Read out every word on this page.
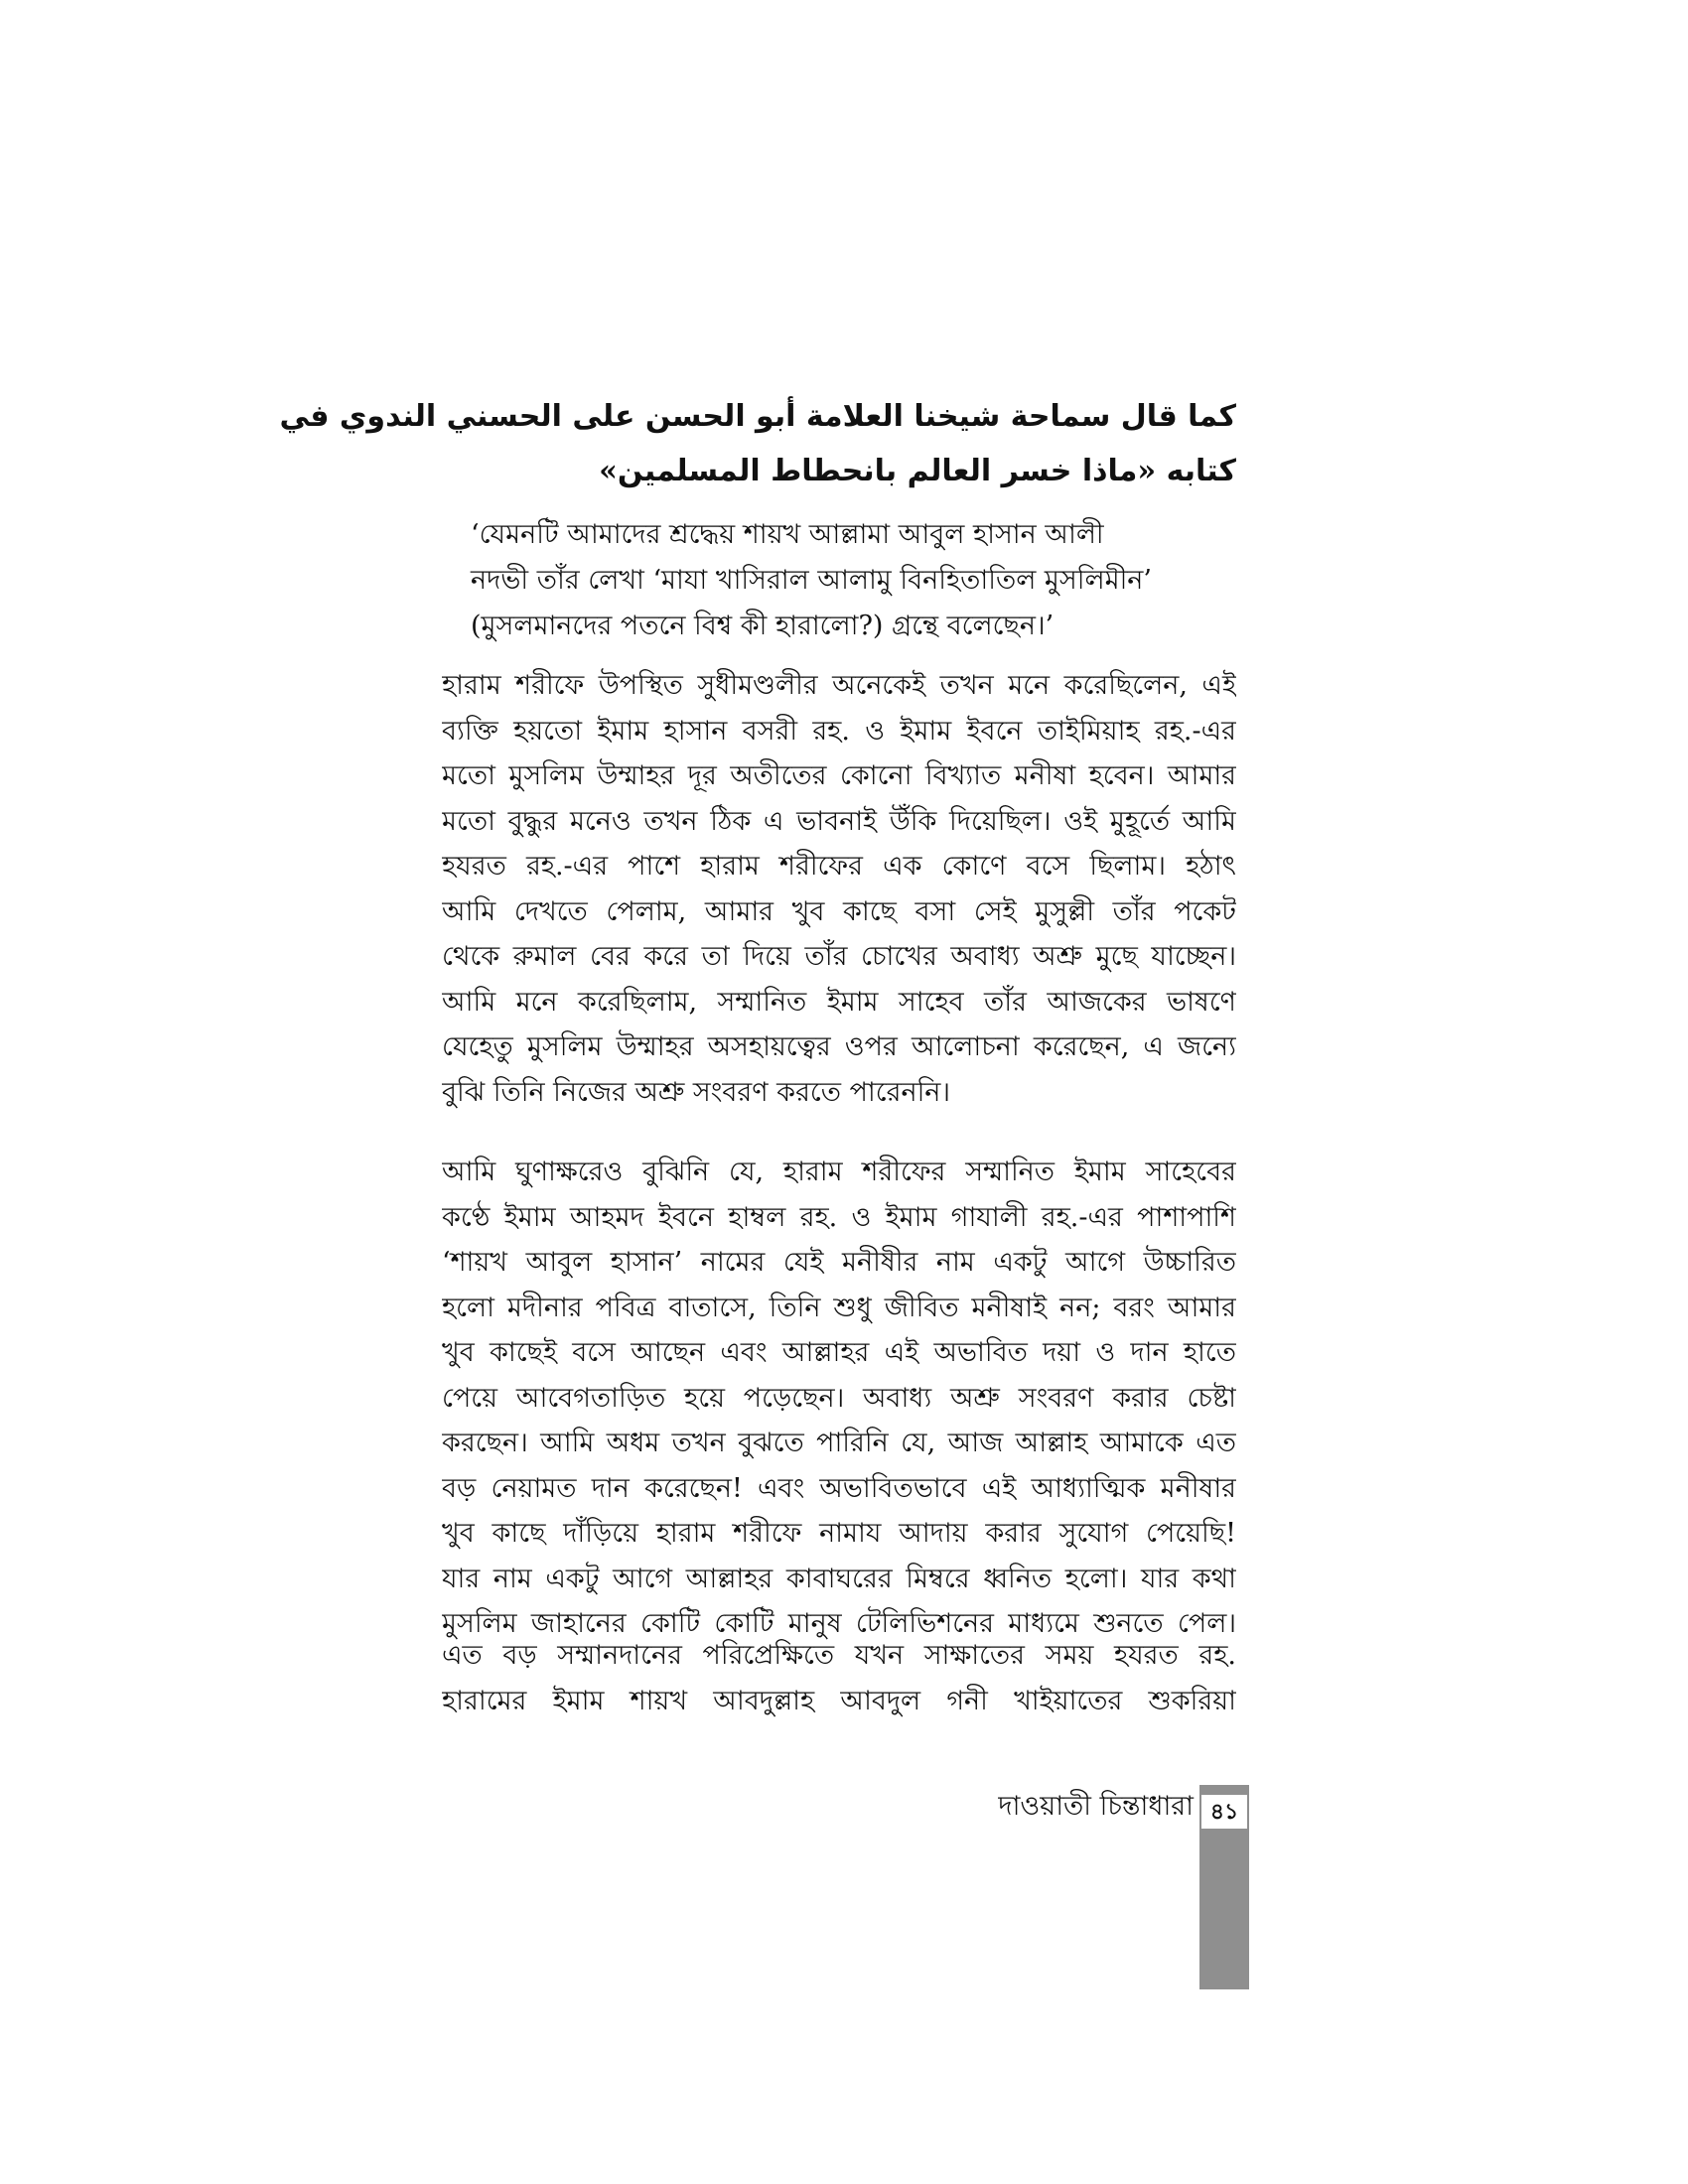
كما قال سماحة شيخنا العلامة أبو الحسن على الحسني الندوي في

كتابه «ماذا خسر العالم بانحطاط المسلمين»

‘যেমনটি আমাদের শ্রদ্ধেয় শায়খ আল্লামা আবুল হাসান আলী

নদভী তাঁর লেখা ‘মাযা খাসিরাল আলামু বিনহিতাতিল মুসলিমীন’

(মুসলমানদের পতনে বিশ্ব কী হারালো?) গ্রন্থে বলেছেন।’

হারাম শরীফে উপস্থিত সুধীমণ্ডলীর অনেকেই তখন মনে করেছিলেন, এই
ব্যক্তি হয়তো ইমাম হাসান বসরী রহ. ও ইমাম ইবনে তাইমিয়াহ রহ.-এর
মতো মুসলিম উম্মাহর দূর অতীতের কোনো বিখ্যাত মনীষা হবেন। আমার
মতো বুদ্ধুর মনেও তখন ঠিক এ ভাবনাই উঁকি দিয়েছিল। ওই মুহূর্তে আমি
হযরত রহ.-এর পাশে হারাম শরীফের এক কোণে বসে ছিলাম। হঠাৎ
আমি দেখতে পেলাম, আমার খুব কাছে বসা সেই মুসুল্লী তাঁর পকেট
থেকে রুমাল বের করে তা দিয়ে তাঁর চোখের অবাধ্য অশ্রু মুছে যাচ্ছেন।
আমি মনে করেছিলাম, সম্মানিত ইমাম সাহেব তাঁর আজকের ভাষণে
যেহেতু মুসলিম উম্মাহর অসহায়ত্বের ওপর আলোচনা করেছেন, এ জন্যে
বুঝি তিনি নিজের অশ্রু সংবরণ করতে পারেননি।
আমি ঘুণাক্ষরেও বুঝিনি যে, হারাম শরীফের সম্মানিত ইমাম সাহেবের
কণ্ঠে ইমাম আহমদ ইবনে হাম্বল রহ. ও ইমাম গাযালী রহ.-এর পাশাপাশি
‘শায়খ আবুল হাসান’ নামের যেই মনীষীর নাম একটু আগে উচ্চারিত
হলো মদীনার পবিত্র বাতাসে, তিনি শুধু জীবিত মনীষাই নন; বরং আমার
খুব কাছেই বসে আছেন এবং আল্লাহর এই অভাবিত দয়া ও দান হাতে
পেয়ে আবেগতাড়িত হয়ে পড়েছেন। অবাধ্য অশ্রু সংবরণ করার চেষ্টা
করছেন। আমি অধম তখন বুঝতে পারিনি যে, আজ আল্লাহ আমাকে এত
বড় নেয়ামত দান করেছেন! এবং অভাবিতভাবে এই আধ্যাত্মিক মনীষার
খুব কাছে দাঁড়িয়ে হারাম শরীফে নামায আদায় করার সুযোগ পেয়েছি!
যার নাম একটু আগে আল্লাহর কাবাঘরের মিম্বরে ধ্বনিত হলো। যার কথা
মুসলিম জাহানের কোটি কোটি মানুষ টেলিভিশনের মাধ্যমে শুনতে পেল।
এত বড় সম্মানদানের পরিপ্রেক্ষিতে যখন সাক্ষাতের সময় হযরত রহ.
হারামের ইমাম শায়খ আবদুল্লাহ আবদুল গনী খাইয়াতের শুকরিয়া
দাওয়াতী চিন্তাধারা ৪১
